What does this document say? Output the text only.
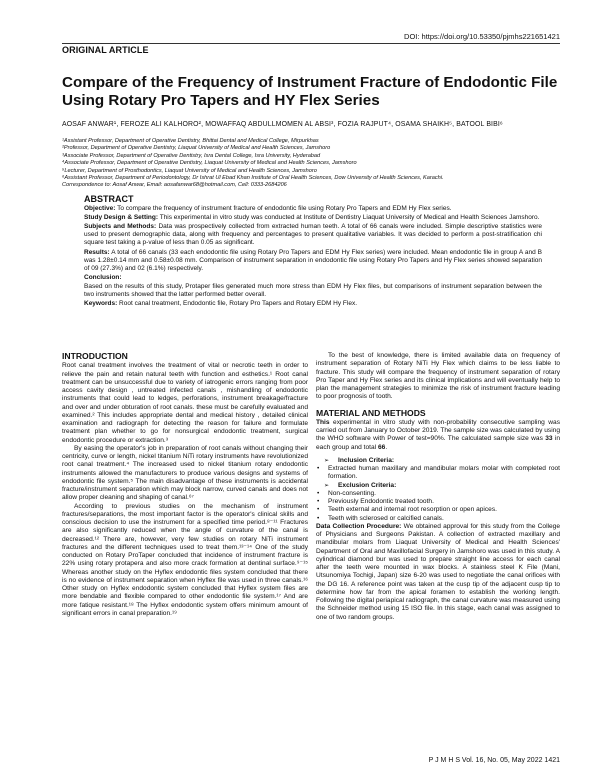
DOI: https://doi.org/10.53350/pjmhs221651421
ORIGINAL ARTICLE
Compare of the Frequency of Instrument Fracture of Endodontic File Using Rotary Pro Tapers and HY Flex Series
AOSAF ANWAR¹, FEROZE ALI KALHORO², MOWAFFAQ ABDULLMOMEN AL ABSI³, FOZIA RAJPUT⁴, OSAMA SHAIKH⁵, BATOOL BIBI⁶
¹Assistant Professor, Department of Operative Dentistry, Bhittai Dental and Medical College, Mirpurkhas
²Professor, Department of Operative Dentistry, Liaquat University of Medical and Health Sciences, Jamshoro
³Associate Professor, Department of Operative Dentistry, Isra Dental College, Isra University, Hyderabad
⁴Associate Professor, Department of Operative Dentistry, Liaquat University of Medical and Health Sciences, Jamshoro
⁵Lecturer, Department of Prosthodontics, Liaquat University of Medical and Health Sciences, Jamshoro
⁶Assistant Professor, Department of Periodontology, Dr Ishrat Ul Ebad Khan Institute of Oral Health Sciences, Dow University of Health Sciences, Karachi.
Correspondence to: Aosaf Anwar, Email: aosafanwar68@hotmail.com, Cell: 0333-2684206
ABSTRACT

Objective: To compare the frequency of instrument fracture of endodontic file using Rotary Pro Tapers and EDM Hy Flex series.

Study Design & Setting: This experimental in vitro study was conducted at Institute of Dentistry Liaquat University of Medical and Health Sciences Jamshoro.

Subjects and Methods: Data was prospectively collected from extracted human teeth. A total of 66 canals were included. Simple descriptive statistics were used to present demographic data, along with frequency and percentages to present qualitative variables. It was decided to perform a post-stratification chi square test taking a p-value of less than 0.05 as significant.

Results: A total of 66 canals (33 each endodontic file using Rotary Pro Tapers and EDM Hy Flex series) were included. Mean endodontic file in group A and B was 1.28±0.14 mm and 0.58±0.08 mm. Comparison of instrument separation in endodontic file using Rotary Pro Tapers and Hy Flex series showed separation of 09 (27.3%) and 02 (6.1%) respectively.

Conclusion:

Based on the results of this study, Protaper files generated much more stress than EDM Hy Flex files, but comparisons of instrument separation between the two instruments showed that the latter performed better overall.

Keywords: Root canal treatment, Endodontic file, Rotary Pro Tapers and Rotary EDM Hy Flex.

INTRODUCTION

Root canal treatment involves the treatment of vital or necrotic teeth in order to relieve the pain and retain natural teeth with function and esthetics.¹ Root canal treatment can be unsuccessful due to variety of iatrogenic errors ranging from poor access cavity design , untreated infected canals , mishandling of endodontic instruments that could lead to ledges, perforations, instrument breakage/fracture and over and under obturation of root canals. these must be carefully evaluated and examined.² This includes appropriate dental and medical history , detailed clinical examination and radiograph for detecting the reason for failure and formulate treatment plan whether to go for nonsurgical endodontic treatment, surgical endodontic procedure or extraction.³

By easing the operator's job in preparation of root canals without changing their centricity, curve or length, nickel titanium NiTi rotary instruments have revolutionized root canal treatment.⁴ The increased used to nickel titanium rotary endodontic instruments allowed the manufacturers to produce various designs and systems of endodontic file system.⁵ The main disadvantage of these instruments is accidental fracture/instrument separation which may block narrow, curved canals and does not allow proper cleaning and shaping of canal.⁶⁷

According to previous studies on the mechanism of instrument fractures/separations, the most important factor is the operator's clinical skills and conscious decision to use the instrument for a specified time period.⁸⁻¹¹ Fractures are also significantly reduced when the angle of curvature of the canal is decreased.¹² There are, however, very few studies on rotary NiTi instrument fractures and the different techniques used to treat them.¹³⁻¹⁴ One of the study conducted on Rotary ProTaper concluded that incidence of instrument fracture is 22% using rotary protapera and also more crack formation at dentinal surface.⁹⁻¹⁵ Whereas another study on the Hyflex endodontic files system concluded that there is no evidence of instrument separation when Hyflex file was used in three canals.¹⁶ Other study on Hyflex endodontic system concluded that Hyflex system files are more bendable and flexible compared to other endodontic file system.¹⁷ And are more fatique resistant.¹⁸ The Hyflex endodontic system offers minimum amount of significant errors in canal preparation.¹⁹

To the best of knowledge, there is limited available data on frequency of instrument separation of Rotary NiTi Hy Flex which claims to be less liable to fracture. This study will compare the frequency of instrument separation of rotary Pro Taper and Hy Flex series and its clinical implications and will eventually help to plan the management strategies to minimize the risk of instrument fracture leading to poor prognosis of tooth.

MATERIAL AND METHODS

This experimental in vitro study with non-probability consecutive sampling was carried out from January to October 2019. The sample size was calculated by using the WHO software with Power of test=90%. The calculated sample size was 33 in each group and total 66.

➢ Inclusion Criteria:

• Extracted human maxillary and mandibular molars molar with completed root formation.

➢ Exclusion Criteria:

• Non-consenting.

• Previously Endodontic treated tooth.

• Teeth external and internal root resorption or open apices.

• Teeth with sclerosed or calcified canals.

Data Collection Procedure: We obtained approval for this study from the College of Physicians and Surgeons Pakistan. A collection of extracted maxillary and mandibular molars from Liaquat University of Medical and Health Sciences' Department of Oral and Maxillofacial Surgery in Jamshoro was used in this study. A cylindrical diamond bur was used to prepare straight line access for each canal after the teeth were mounted in wax blocks. A stainless steel K File (Mani, Utsunomiya Tochigi, Japan) size 6-20 was used to negotiate the canal orifices with the DG 16. A reference point was taken at the cusp tip of the adjacent cusp tip to determine how far from the apical foramen to establish the working length. Following the digital periapical radiograph, the canal curvature was measured using the Schneider method using 15 ISO file. In this stage, each canal was assigned to one of two random groups.

P J M H S Vol. 16, No. 05, May 2022 1421
